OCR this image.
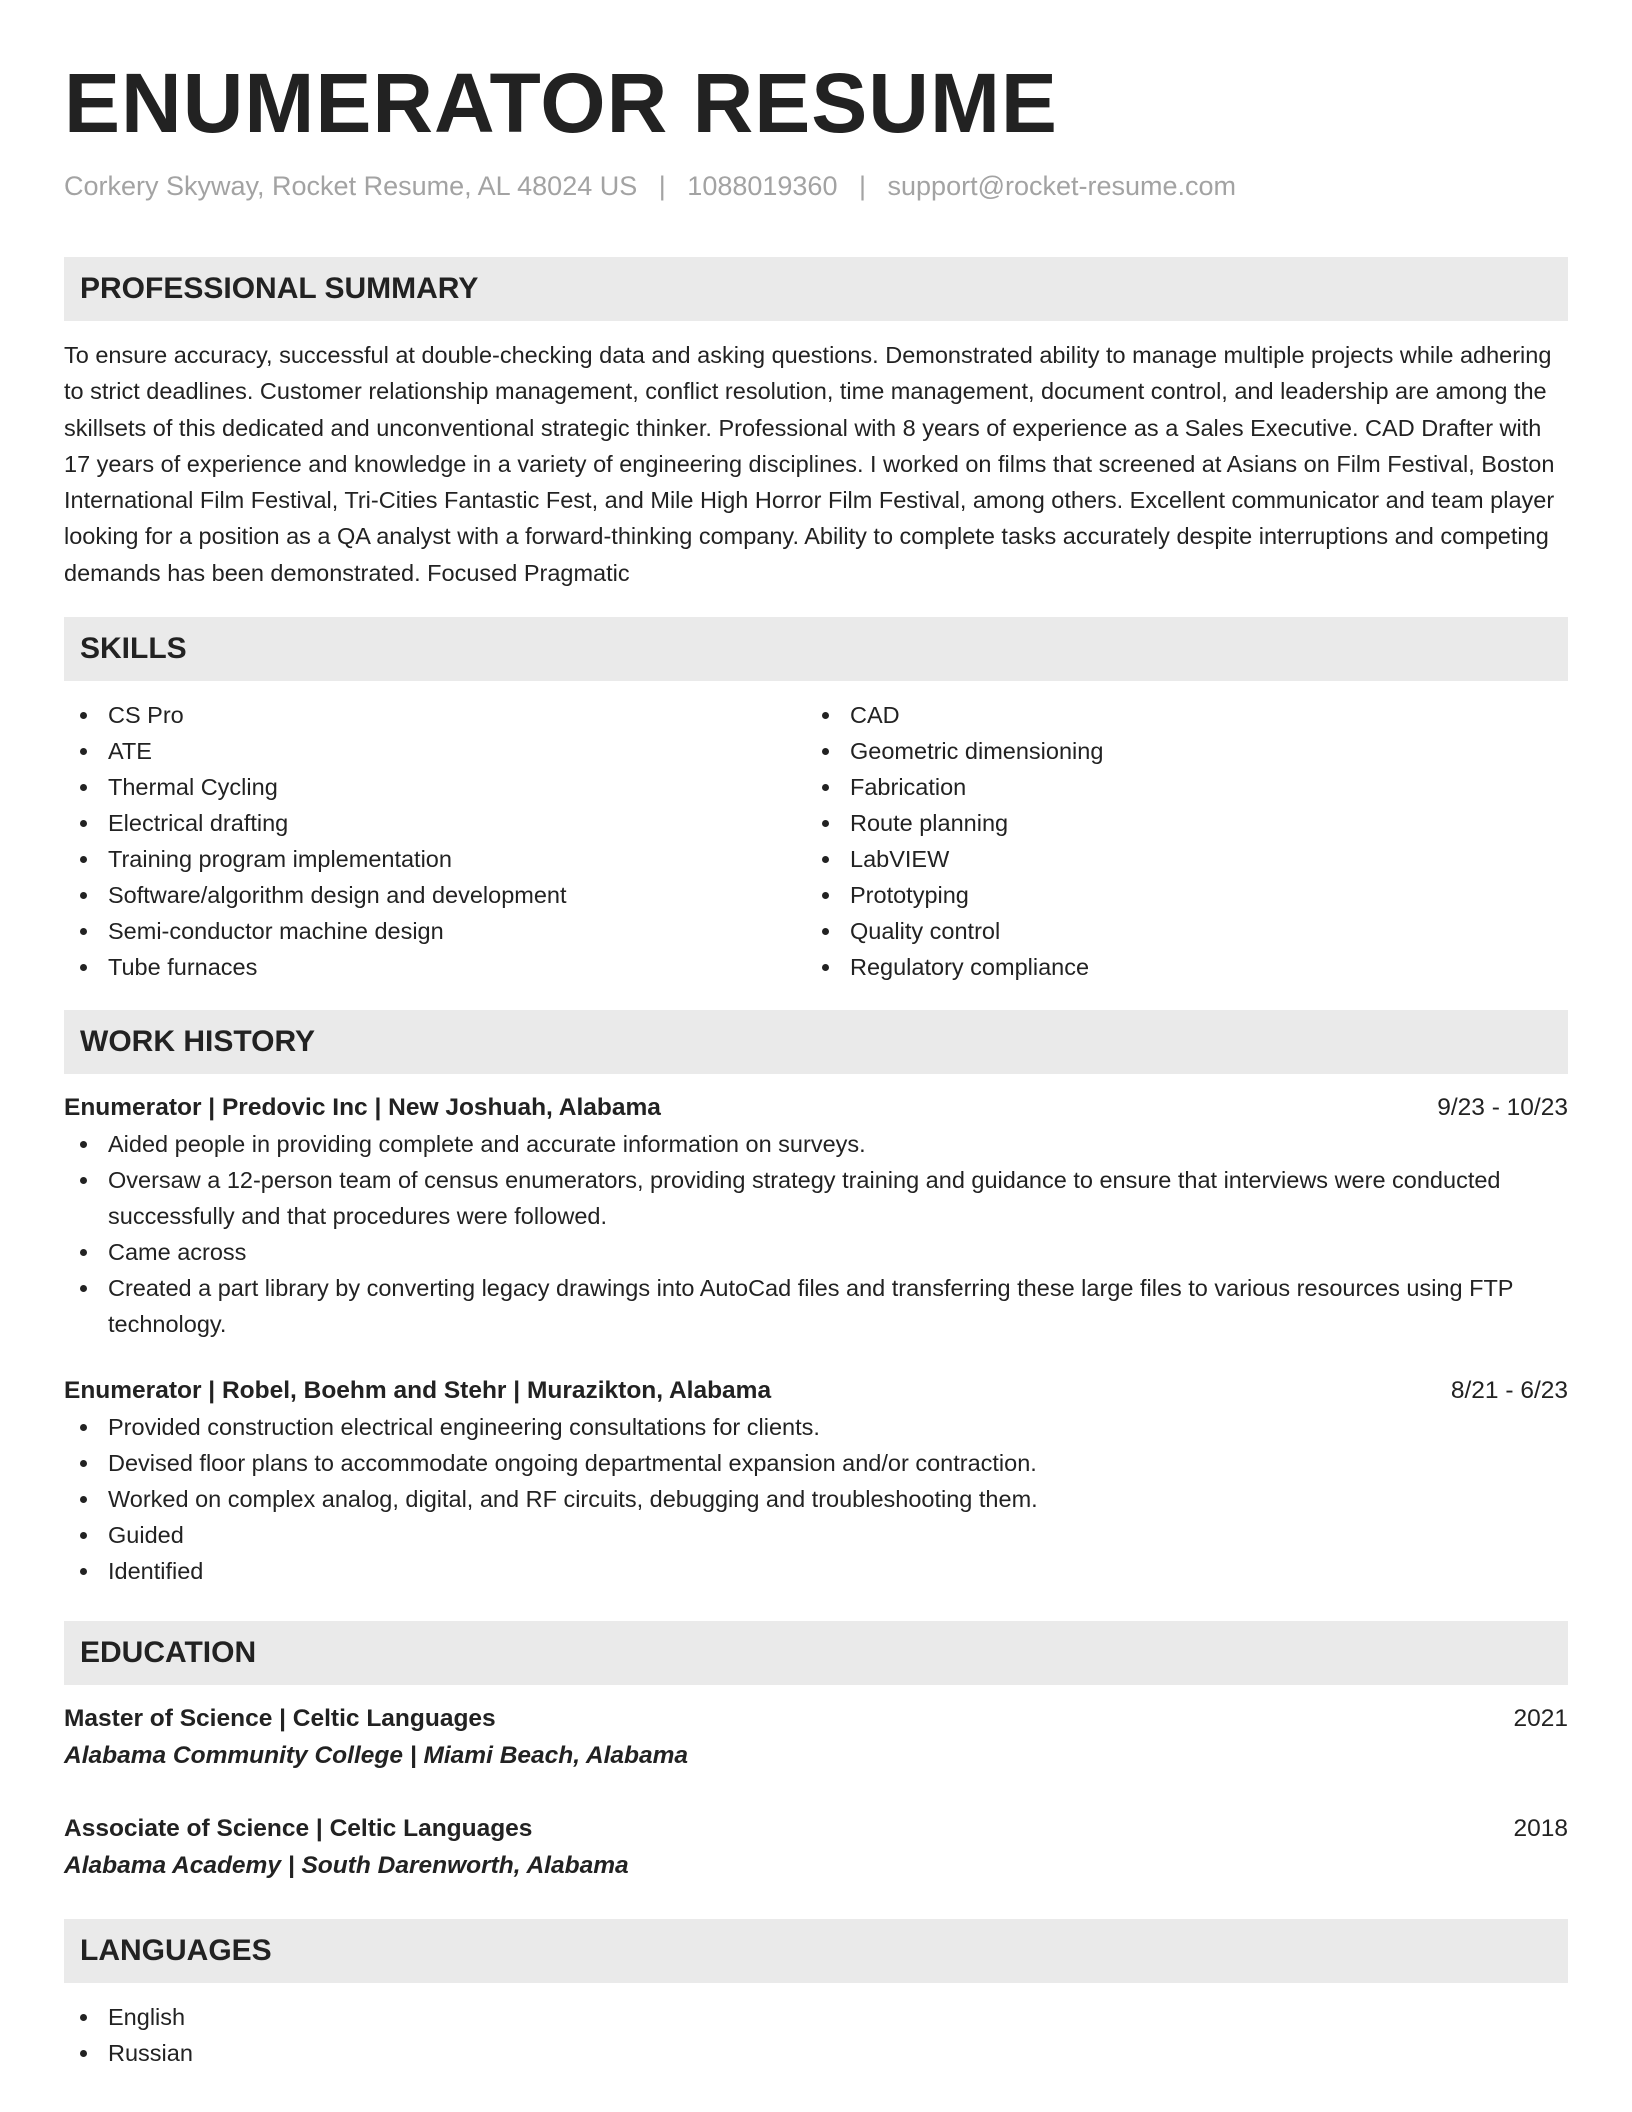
ENUMERATOR RESUME
Corkery Skyway, Rocket Resume, AL 48024 US | 1088019360 | support@rocket-resume.com
PROFESSIONAL SUMMARY
To ensure accuracy, successful at double-checking data and asking questions. Demonstrated ability to manage multiple projects while adhering to strict deadlines. Customer relationship management, conflict resolution, time management, document control, and leadership are among the skillsets of this dedicated and unconventional strategic thinker. Professional with 8 years of experience as a Sales Executive. CAD Drafter with 17 years of experience and knowledge in a variety of engineering disciplines. I worked on films that screened at Asians on Film Festival, Boston International Film Festival, Tri-Cities Fantastic Fest, and Mile High Horror Film Festival, among others. Excellent communicator and team player looking for a position as a QA analyst with a forward-thinking company. Ability to complete tasks accurately despite interruptions and competing demands has been demonstrated. Focused Pragmatic
SKILLS
CS Pro
ATE
Thermal Cycling
Electrical drafting
Training program implementation
Software/algorithm design and development
Semi-conductor machine design
Tube furnaces
CAD
Geometric dimensioning
Fabrication
Route planning
LabVIEW
Prototyping
Quality control
Regulatory compliance
WORK HISTORY
Enumerator | Predovic Inc | New Joshuah, Alabama	9/23 - 10/23
Aided people in providing complete and accurate information on surveys.
Oversaw a 12-person team of census enumerators, providing strategy training and guidance to ensure that interviews were conducted successfully and that procedures were followed.
Came across
Created a part library by converting legacy drawings into AutoCad files and transferring these large files to various resources using FTP technology.
Enumerator | Robel, Boehm and Stehr | Murazikton, Alabama	8/21 - 6/23
Provided construction electrical engineering consultations for clients.
Devised floor plans to accommodate ongoing departmental expansion and/or contraction.
Worked on complex analog, digital, and RF circuits, debugging and troubleshooting them.
Guided
Identified
EDUCATION
Master of Science | Celtic Languages	2021
Alabama Community College | Miami Beach, Alabama
Associate of Science | Celtic Languages	2018
Alabama Academy | South Darenworth, Alabama
LANGUAGES
English
Russian
